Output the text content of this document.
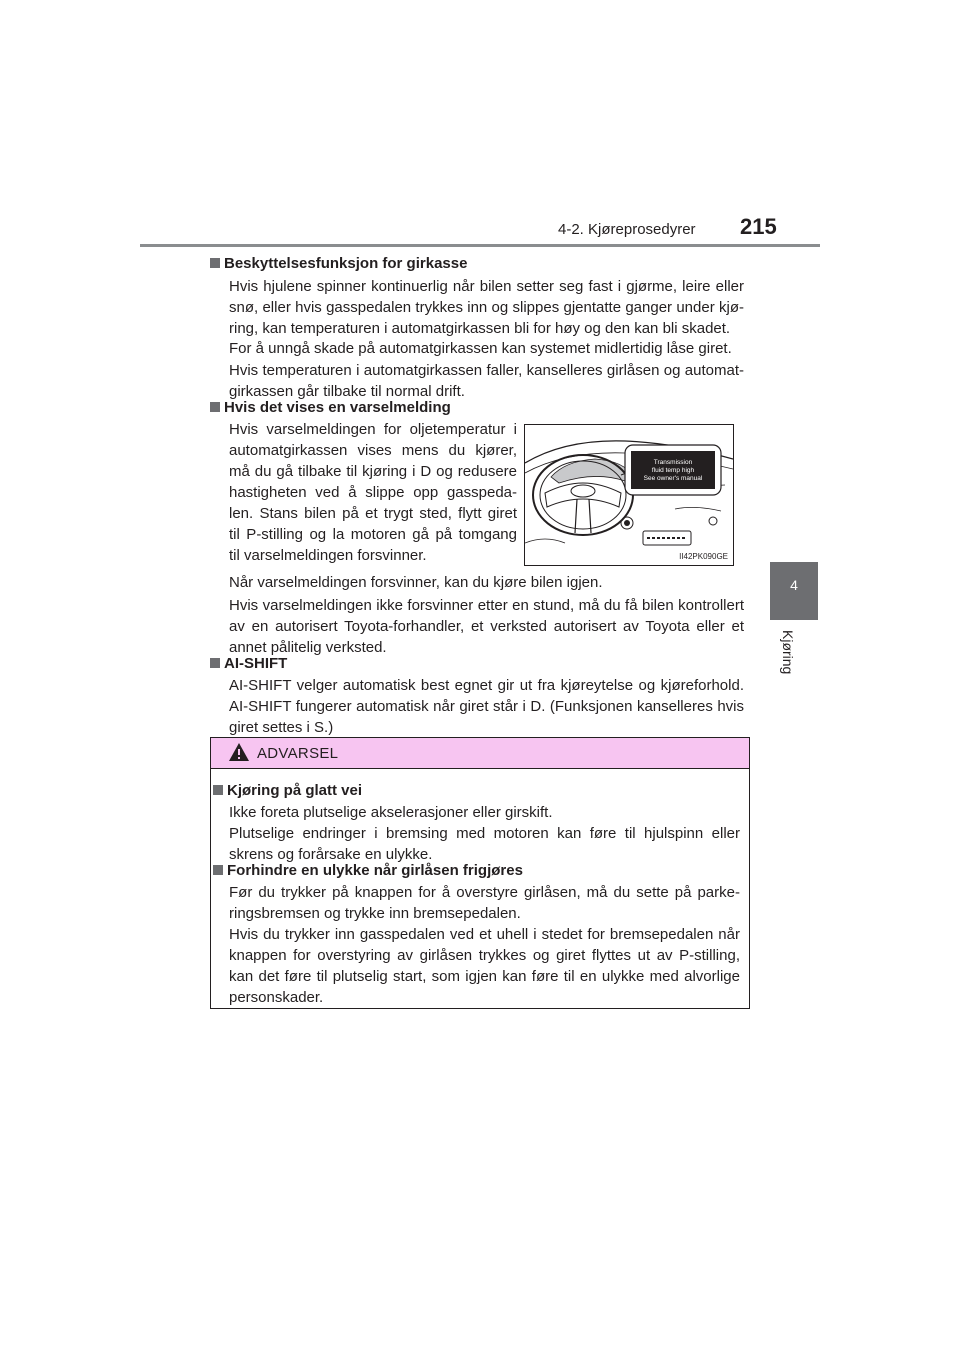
4-2. Kjøreprosedyrer 215
4
Kjøring
Beskyttelsesfunksjon for girkasse
Hvis hjulene spinner kontinuerlig når bilen setter seg fast i gjørme, leire eller
snø, eller hvis gasspedalen trykkes inn og slippes gjentatte ganger under kjø-
ring, kan temperaturen i automatgirkassen bli for høy og den kan bli skadet.
For å unngå skade på automatgirkassen kan systemet midlertidig låse giret.
Hvis temperaturen i automatgirkassen faller, kanselleres girlåsen og automat-
girkassen går tilbake til normal drift.
Hvis det vises en varselmelding
Hvis varselmeldingen for oljetemperatur i
automatgirkassen vises mens du kjører,
må du gå tilbake til kjøring i D og redusere
hastigheten ved å slippe opp gasspeda-
len. Stans bilen på et trygt sted, flytt giret
til P-stilling og la motoren gå på tomgang
til varselmeldingen forsvinner.
Transmission
fluid temp high
See owner's manual
II42PK090GE
Når varselmeldingen forsvinner, kan du kjøre bilen igjen.
Hvis varselmeldingen ikke forsvinner etter en stund, må du få bilen kontrollert
av en autorisert Toyota-forhandler, et verksted autorisert av Toyota eller et
annet pålitelig verksted.
AI-SHIFT
AI-SHIFT velger automatisk best egnet gir ut fra kjøreytelse og kjøreforhold.
AI-SHIFT fungerer automatisk når giret står i D. (Funksjonen kanselleres hvis
giret settes i S.)
ADVARSEL
Kjøring på glatt vei
Ikke foreta plutselige akselerasjoner eller girskift.
Plutselige endringer i bremsing med motoren kan føre til hjulspinn eller
skrens og forårsake en ulykke.
Forhindre en ulykke når girlåsen frigjøres
Før du trykker på knappen for å overstyre girlåsen, må du sette på parke-
ringsbremsen og trykke inn bremsepedalen.
Hvis du trykker inn gasspedalen ved et uhell i stedet for bremsepedalen når
knappen for overstyring av girlåsen trykkes og giret flyttes ut av P-stilling,
kan det føre til plutselig start, som igjen kan føre til en ulykke med alvorlige
personskader.
